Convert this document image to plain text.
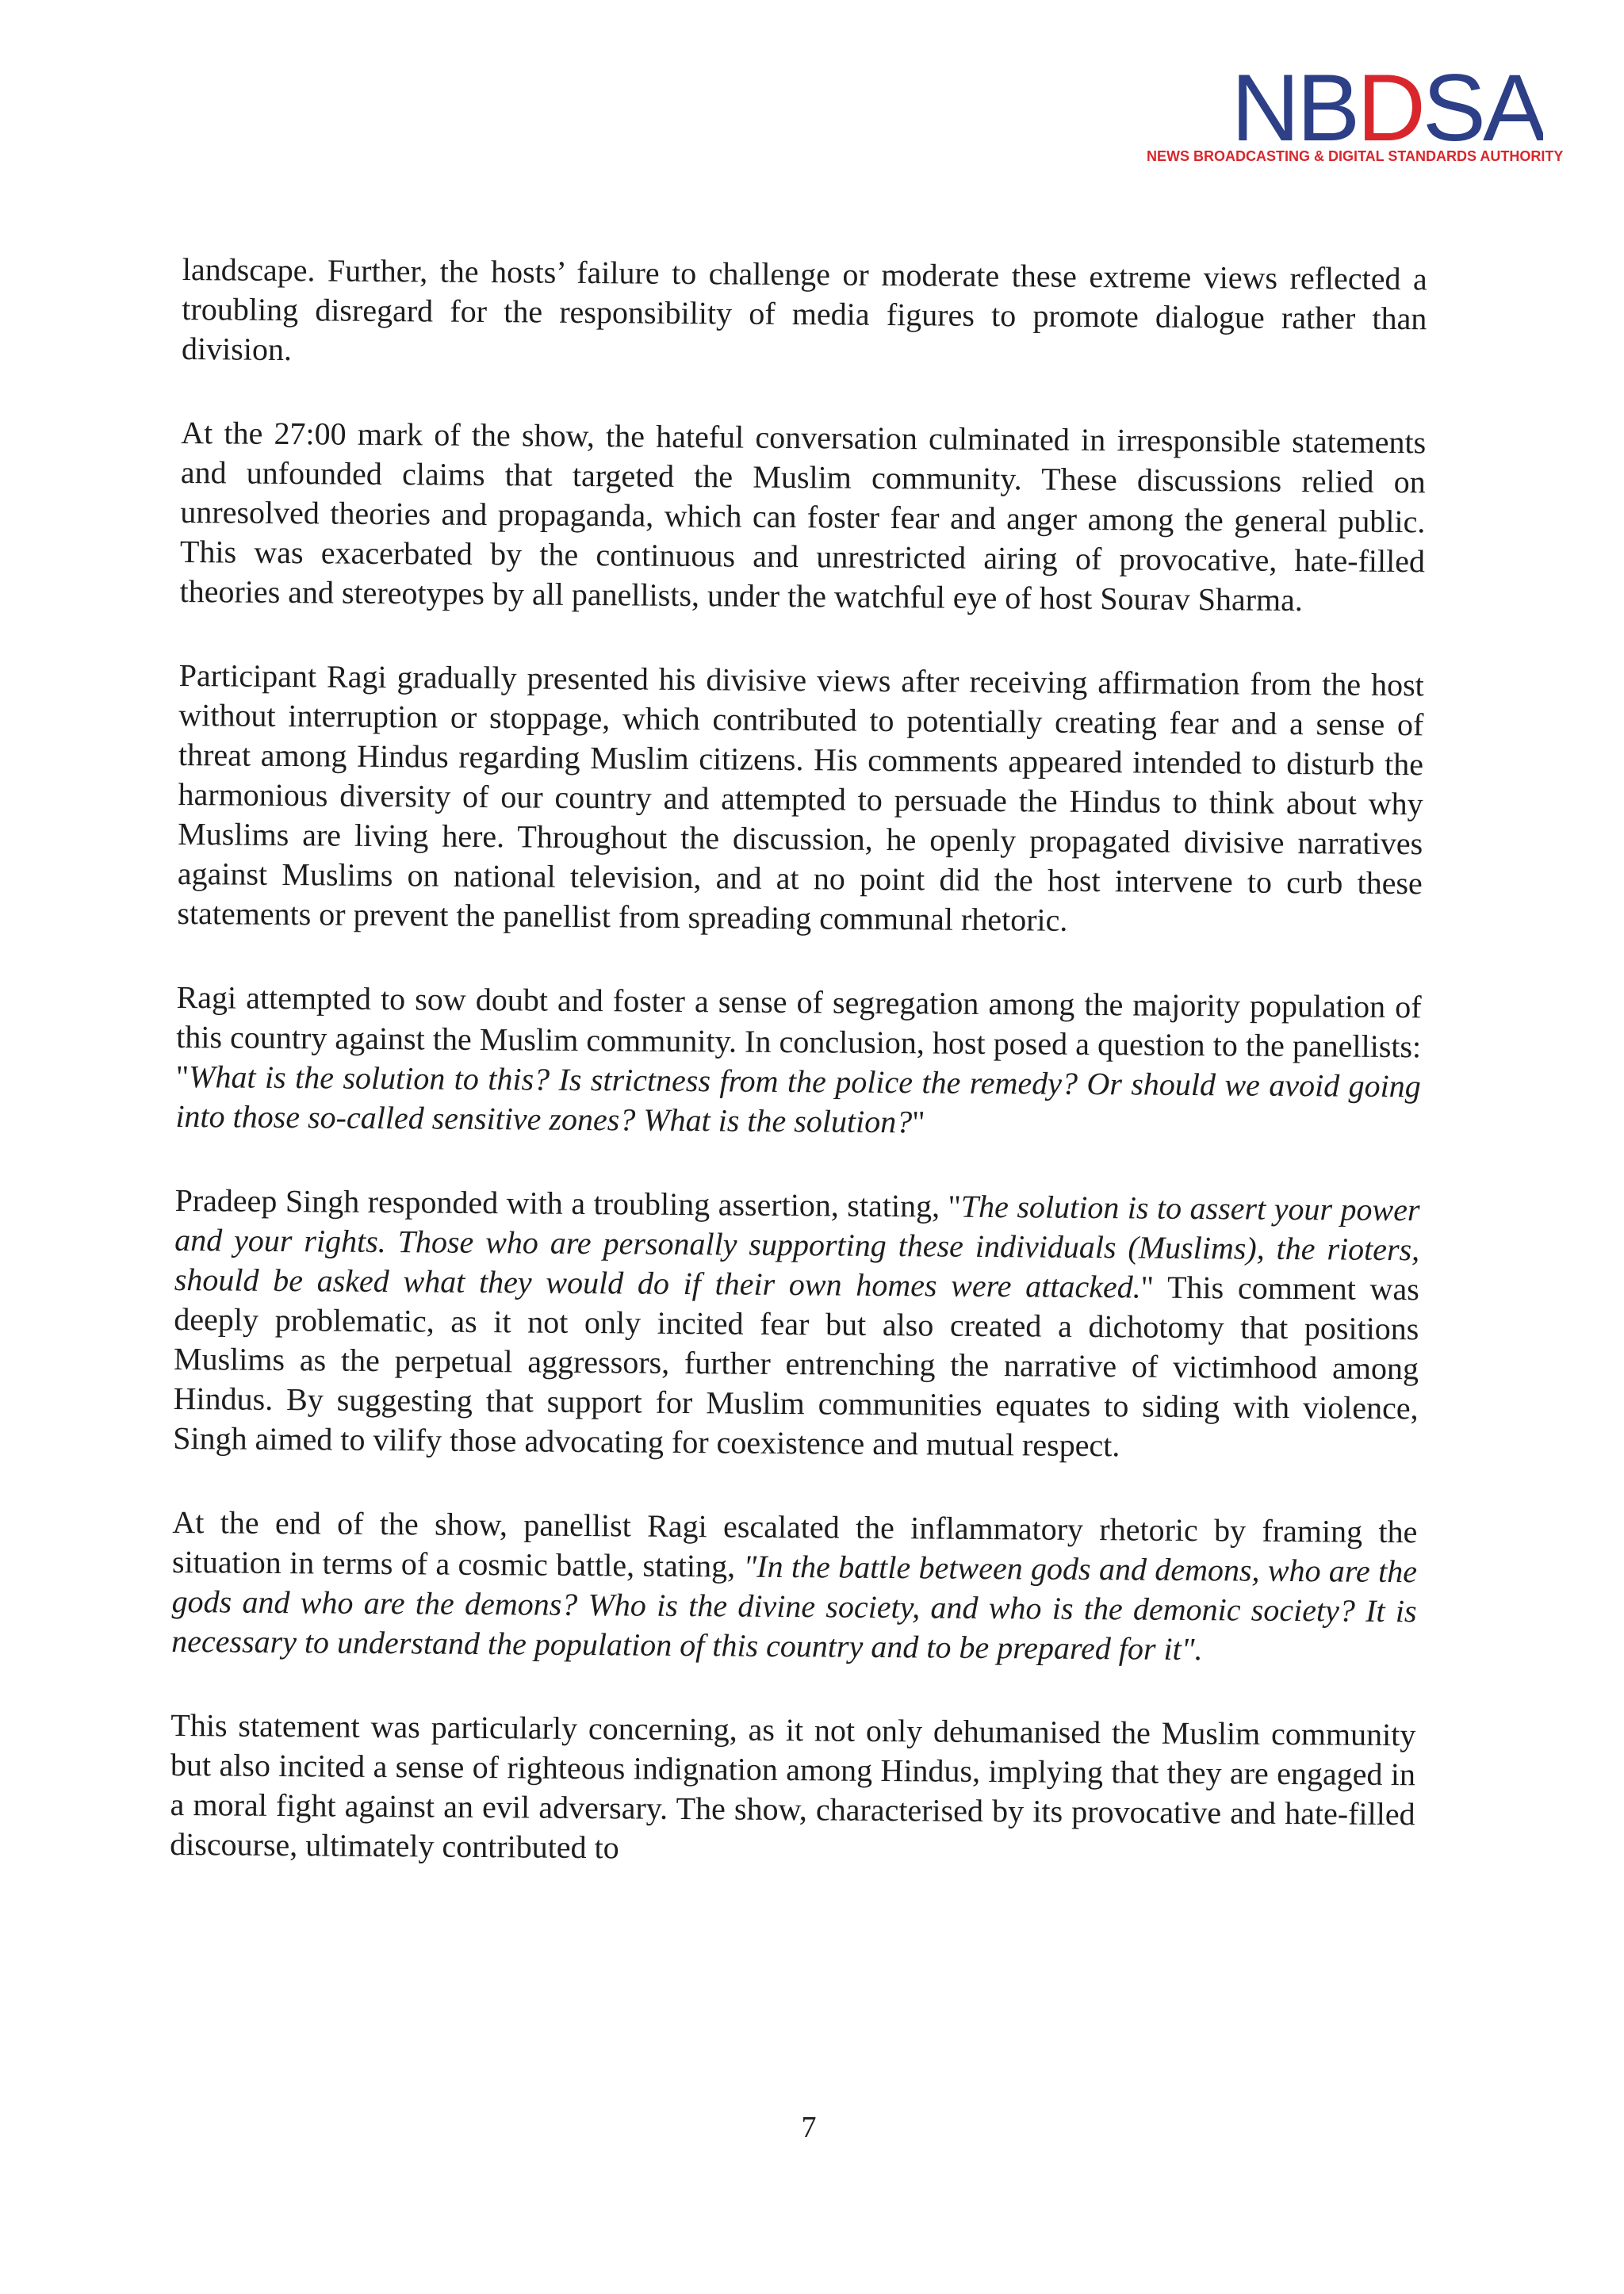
NBDSA
NEWS BROADCASTING & DIGITAL STANDARDS AUTHORITY

landscape. Further, the hosts’ failure to challenge or moderate these extreme views reflected a troubling disregard for the responsibility of media figures to promote dialogue rather than division.

At the 27:00 mark of the show, the hateful conversation culminated in irresponsible statements and unfounded claims that targeted the Muslim community. These discussions relied on unresolved theories and propaganda, which can foster fear and anger among the general public. This was exacerbated by the continuous and unrestricted airing of provocative, hate-filled theories and stereotypes by all panellists, under the watchful eye of host Sourav Sharma.

Participant Ragi gradually presented his divisive views after receiving affirmation from the host without interruption or stoppage, which contributed to potentially creating fear and a sense of threat among Hindus regarding Muslim citizens. His comments appeared intended to disturb the harmonious diversity of our country and attempted to persuade the Hindus to think about why Muslims are living here. Throughout the discussion, he openly propagated divisive narratives against Muslims on national television, and at no point did the host intervene to curb these statements or prevent the panellist from spreading communal rhetoric.

Ragi attempted to sow doubt and foster a sense of segregation among the majority population of this country against the Muslim community. In conclusion, host posed a question to the panellists: "What is the solution to this? Is strictness from the police the remedy? Or should we avoid going into those so-called sensitive zones? What is the solution?"

Pradeep Singh responded with a troubling assertion, stating, "The solution is to assert your power and your rights. Those who are personally supporting these individuals (Muslims), the rioters, should be asked what they would do if their own homes were attacked." This comment was deeply problematic, as it not only incited fear but also created a dichotomy that positions Muslims as the perpetual aggressors, further entrenching the narrative of victimhood among Hindus. By suggesting that support for Muslim communities equates to siding with violence, Singh aimed to vilify those advocating for coexistence and mutual respect.

At the end of the show, panellist Ragi escalated the inflammatory rhetoric by framing the situation in terms of a cosmic battle, stating, "In the battle between gods and demons, who are the gods and who are the demons? Who is the divine society, and who is the demonic society? It is necessary to understand the population of this country and to be prepared for it".

This statement was particularly concerning, as it not only dehumanised the Muslim community but also incited a sense of righteous indignation among Hindus, implying that they are engaged in a moral fight against an evil adversary. The show, characterised by its provocative and hate-filled discourse, ultimately contributed to

7
